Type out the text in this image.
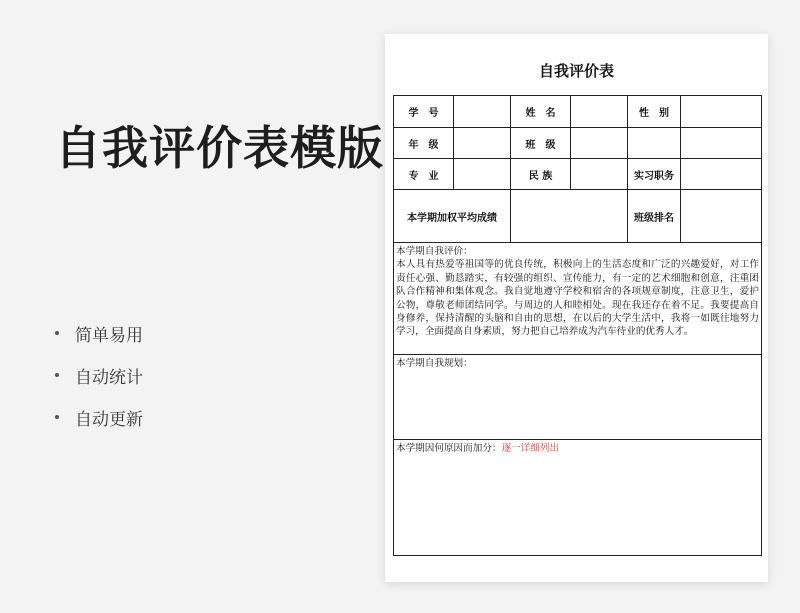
自我评价表模版
简单易用
自动统计
自动更新
自我评价表
学　号		姓　名		性　别	
年　级		班　级			
专　业		民 族		实习职务	
本学期加权平均成绩				班级排名	

本学期自我评价：
本人具有热爱等祖国等的优良传统，积极向上的生活态度和广泛的兴趣爱好，对工作责任心强、勤恳踏实，有较强的组织、宣传能力，有一定的艺术细胞和创意，注重团队合作精神和集体观念。我自觉地遵守学校和宿舍的各项规章制度，注意卫生，爱护公物，尊敬老师团结同学。与周边的人和睦相处。现在我还存在着不足。我要提高自身修养，保持清醒的头脑和自由的思想，在以后的大学生活中，我将一如既往地努力学习，全面提高自身素质，努力把自己培养成为汽车待业的优秀人才。					

本学期自我规划：					

本学期因何原因而加分：逐一详细列出					
